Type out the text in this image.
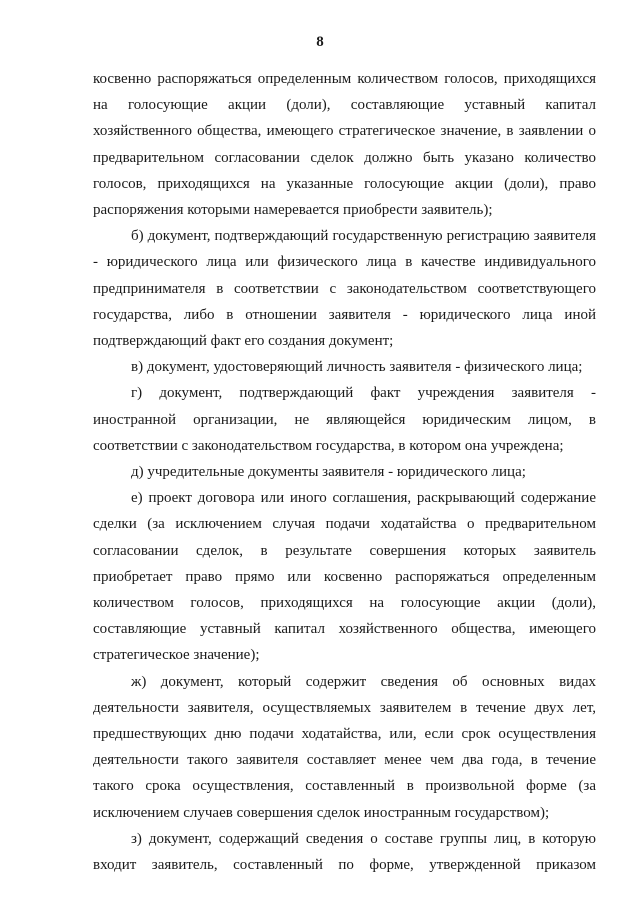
8

косвенно распоряжаться определенным количеством голосов, приходящихся на голосующие акции (доли), составляющие уставный капитал хозяйственного общества, имеющего стратегическое значение, в заявлении о предварительном согласовании сделок должно быть указано количество голосов, приходящихся на указанные голосующие акции (доли), право распоряжения которыми намеревается приобрести заявитель);

б) документ, подтверждающий государственную регистрацию заявителя - юридического лица или физического лица в качестве индивидуального предпринимателя в соответствии с законодательством соответствующего государства, либо в отношении заявителя - юридического лица иной подтверждающий факт его создания документ;

в) документ, удостоверяющий личность заявителя - физического лица;

г) документ, подтверждающий факт учреждения заявителя - иностранной организации, не являющейся юридическим лицом, в соответствии с законодательством государства, в котором она учреждена;

д) учредительные документы заявителя - юридического лица;

е) проект договора или иного соглашения, раскрывающий содержание сделки (за исключением случая подачи ходатайства о предварительном согласовании сделок, в результате совершения которых заявитель приобретает право прямо или косвенно распоряжаться определенным количеством голосов, приходящихся на голосующие акции (доли), составляющие уставный капитал хозяйственного общества, имеющего стратегическое значение);

ж) документ, который содержит сведения об основных видах деятельности заявителя, осуществляемых заявителем в течение двух лет, предшествующих дню подачи ходатайства, или, если срок осуществления деятельности такого заявителя составляет менее чем два года, в течение такого срока осуществления, составленный в произвольной форме (за исключением случаев совершения сделок иностранным государством);

з) документ, содержащий сведения о составе группы лиц, в которую входит заявитель, составленный по форме, утвержденной приказом
